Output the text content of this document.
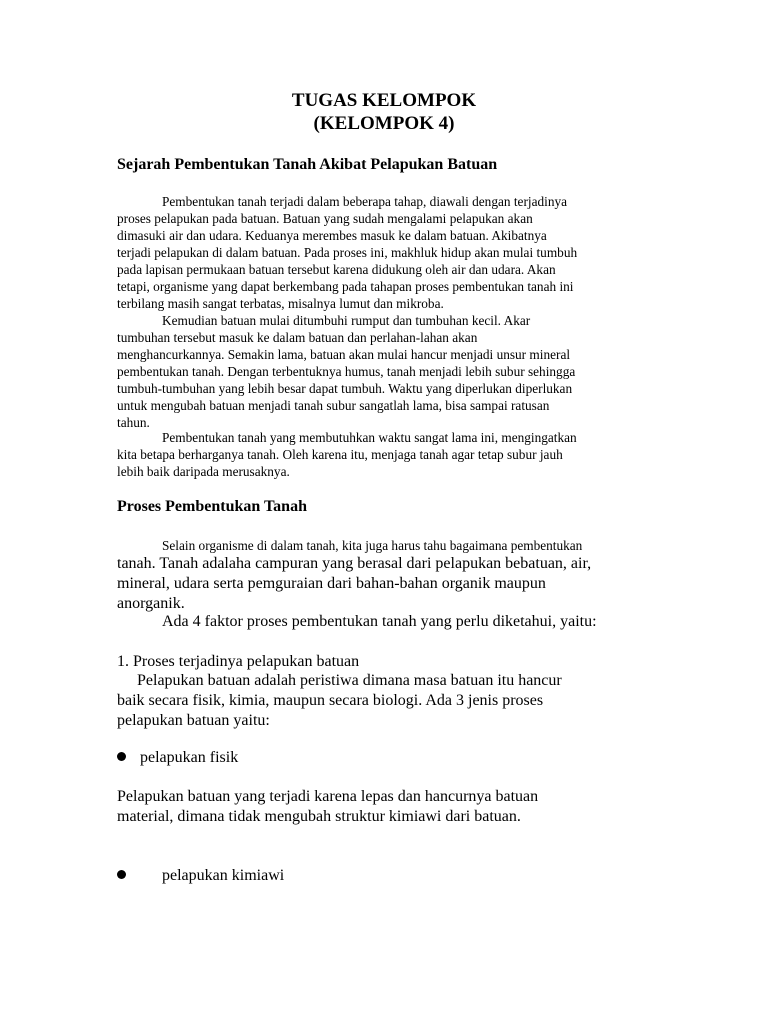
TUGAS KELOMPOK
(KELOMPOK 4)
Sejarah Pembentukan Tanah Akibat Pelapukan Batuan
Pembentukan tanah terjadi dalam beberapa tahap, diawali dengan terjadinya
proses pelapukan pada batuan. Batuan yang sudah mengalami pelapukan akan
dimasuki air dan udara. Keduanya merembes masuk ke dalam batuan. Akibatnya
terjadi pelapukan di dalam batuan. Pada proses ini, makhluk hidup akan mulai tumbuh
pada lapisan permukaan batuan tersebut karena didukung oleh air dan udara. Akan
tetapi, organisme yang dapat berkembang pada tahapan proses pembentukan tanah ini
terbilang masih sangat terbatas, misalnya lumut dan mikroba.
Kemudian batuan mulai ditumbuhi rumput dan tumbuhan kecil. Akar
tumbuhan tersebut masuk ke dalam batuan dan perlahan-lahan akan
menghancurkannya. Semakin lama, batuan akan mulai hancur menjadi unsur mineral
pembentukan tanah. Dengan terbentuknya humus, tanah menjadi lebih subur sehingga
tumbuh-tumbuhan yang lebih besar dapat tumbuh. Waktu yang diperlukan diperlukan
untuk mengubah batuan menjadi tanah subur sangatlah lama, bisa sampai ratusan
tahun.
Pembentukan tanah yang membutuhkan waktu sangat lama ini, mengingatkan
kita betapa berharganya tanah. Oleh karena itu, menjaga tanah agar tetap subur jauh
lebih baik daripada merusaknya.
Proses Pembentukan Tanah
Selain organisme di dalam tanah, kita juga harus tahu bagaimana pembentukan
tanah. Tanah adalaha campuran yang berasal dari pelapukan bebatuan, air,
mineral, udara serta pemguraian dari bahan-bahan organik maupun
anorganik.
Ada 4 faktor proses pembentukan tanah yang perlu diketahui, yaitu:
1. Proses terjadinya pelapukan batuan
Pelapukan batuan adalah peristiwa dimana masa batuan itu hancur
baik secara fisik, kimia, maupun secara biologi. Ada 3 jenis proses
pelapukan batuan yaitu:
pelapukan fisik
Pelapukan batuan yang terjadi karena lepas dan hancurnya batuan
material, dimana tidak mengubah struktur kimiawi dari batuan.
pelapukan kimiawi
